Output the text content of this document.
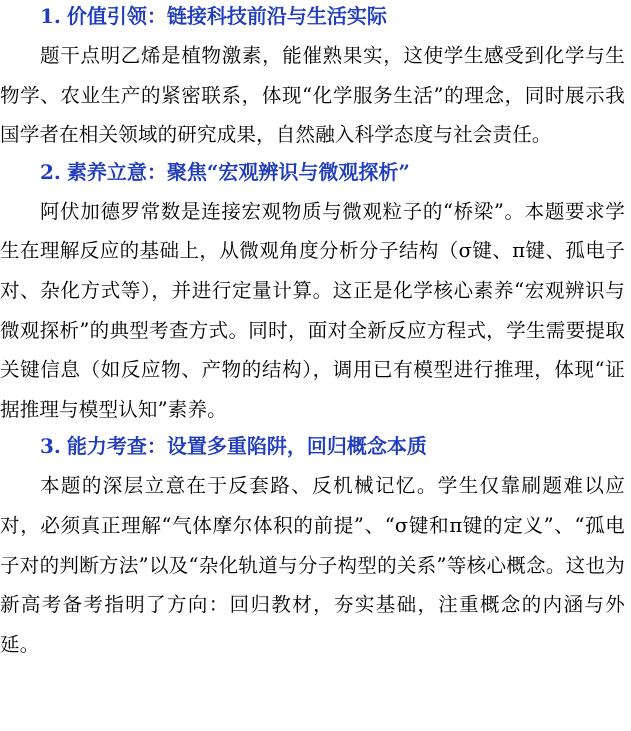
1. 价值引领：链接科技前沿与生活实际

题干点明乙烯是植物激素，能催熟果实，这使学生感受到化学与生物学、农业生产的紧密联系，体现“化学服务生活”的理念，同时展示我国学者在相关领域的研究成果，自然融入科学态度与社会责任。

2. 素养立意：聚焦“宏观辨识与微观探析”

阿伏加德罗常数是连接宏观物质与微观粒子的“桥梁”。本题要求学生在理解反应的基础上，从微观角度分析分子结构（σ键、π键、孤电子对、杂化方式等），并进行定量计算。这正是化学核心素养“宏观辨识与微观探析”的典型考查方式。同时，面对全新反应方程式，学生需要提取关键信息（如反应物、产物的结构），调用已有模型进行推理，体现“证据推理与模型认知”素养。

3. 能力考查：设置多重陷阱，回归概念本质

本题的深层立意在于反套路、反机械记忆。学生仅靠刷题难以应对，必须真正理解“气体摩尔体积的前提”、“σ键和π键的定义”、“孤电子对的判断方法”以及“杂化轨道与分子构型的关系”等核心概念。这也为新高考备考指明了方向：回归教材，夯实基础，注重概念的内涵与外延。
